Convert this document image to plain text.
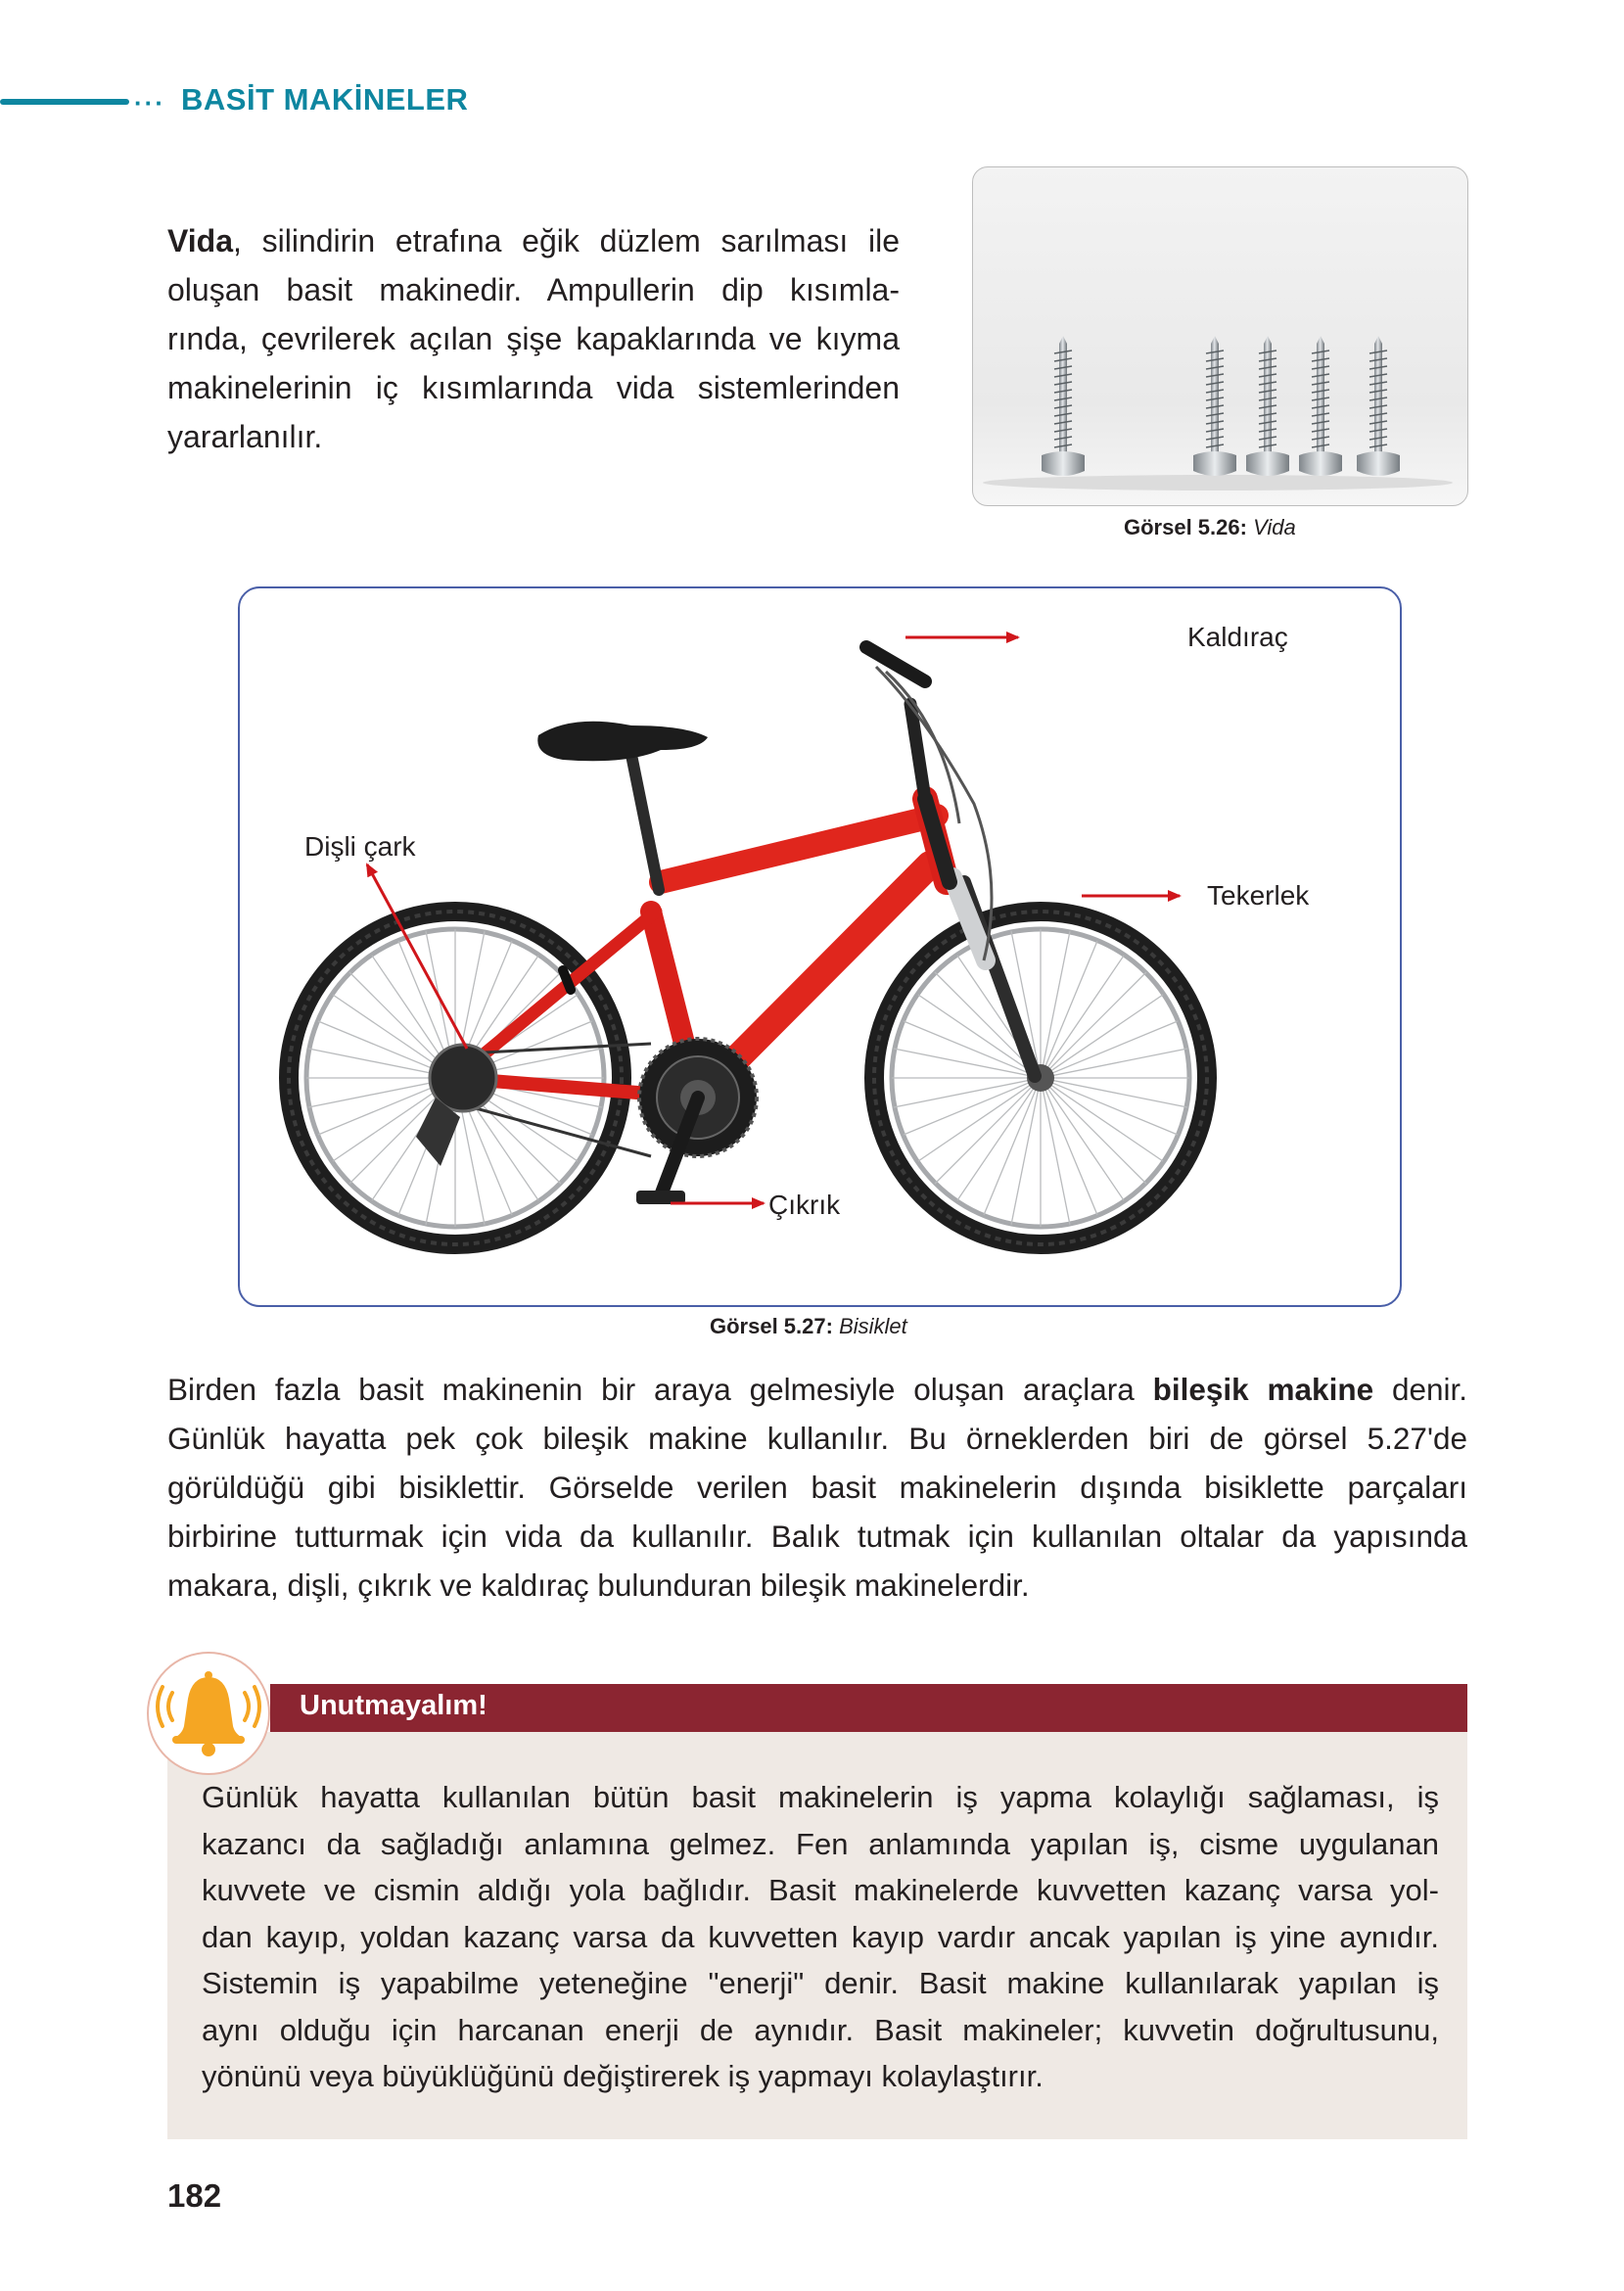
··· BASİT MAKİNELER
Vida, silindirin etrafına eğik düzlem sarılması ile
oluşan basit makinedir. Ampullerin dip kısımla-
rında, çevrilerek açılan şişe kapaklarında ve kıyma
makinelerinin iç kısımlarında vida sistemlerinden
yararlanılır.
Görsel 5.26: Vida
Kaldıraç
Dişli çark
Tekerlek
Çıkrık
Görsel 5.27: Bisiklet
Birden fazla basit makinenin bir araya gelmesiyle oluşan araçlara bileşik makine denir.
Günlük hayatta pek çok bileşik makine kullanılır. Bu örneklerden biri de görsel 5.27'de
görüldüğü gibi bisiklettir. Görselde verilen basit makinelerin dışında bisiklette parçaları
birbirine tutturmak için vida da kullanılır. Balık tutmak için kullanılan oltalar da yapısında
makara, dişli, çıkrık ve kaldıraç bulunduran bileşik makinelerdir.
Unutmayalım!
Günlük hayatta kullanılan bütün basit makinelerin iş yapma kolaylığı sağlaması, iş
kazancı da sağladığı anlamına gelmez. Fen anlamında yapılan iş, cisme uygulanan
kuvvete ve cismin aldığı yola bağlıdır. Basit makinelerde kuvvetten kazanç varsa yol-
dan kayıp, yoldan kazanç varsa da kuvvetten kayıp vardır ancak yapılan iş yine aynıdır.
Sistemin iş yapabilme yeteneğine "enerji" denir. Basit makine kullanılarak yapılan iş
aynı olduğu için harcanan enerji de aynıdır. Basit makineler; kuvvetin doğrultusunu,
yönünü veya büyüklüğünü değiştirerek iş yapmayı kolaylaştırır.
182
